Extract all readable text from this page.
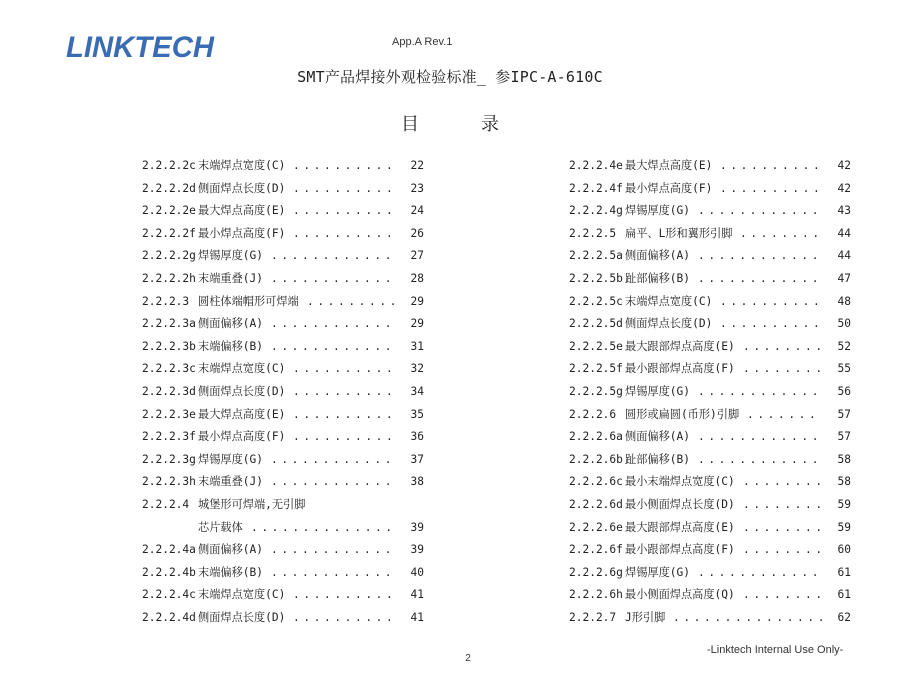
LINKTECH	App.A Rev.1
SMT产品焊接外观检验标准_ 参IPC-A-610C
目录
2.2.2.2c 末端焊点宽度(C)	22
..........
2.2.2.2d 侧面焊点长度(D)	23
..........
2.2.2.2e 最大焊点高度(E)	24
..........
2.2.2.2f 最小焊点高度(F)	26
..........
2.2.2.2g 焊锡厚度(G)	27
............
2.2.2.2h 末端重叠(J)	28
............
2.2.2.3 圆柱体端帽形可焊端	29
.........
2.2.2.3a 侧面偏移(A)	29
............
2.2.2.3b 末端偏移(B)	31
............
2.2.2.3c 末端焊点宽度(C)	32
..........
2.2.2.3d 侧面焊点长度(D)	34
..........
2.2.2.3e 最大焊点高度(E)	35
..........
2.2.2.3f 最小焊点高度(F)	36
..........
2.2.2.3g 焊锡厚度(G)	37
............
2.2.2.3h 末端重叠(J)	38
............
2.2.2.4 城堡形可焊端,无引脚
芯片载体	39
..............
2.2.2.4a 侧面偏移(A)	39
............
2.2.2.4b 末端偏移(B)	40
............
2.2.2.4c 末端焊点宽度(C)	41
..........
2.2.2.4d 侧面焊点长度(D)	41
..........
2.2.2.4e 最大焊点高度(E)	42
..........
2.2.2.4f 最小焊点高度(F)	42
..........
2.2.2.4g 焊锡厚度(G)	43
............
2.2.2.5 扁平、L形和翼形引脚	44
........
2.2.2.5a 侧面偏移(A)	44
............
2.2.2.5b 趾部偏移(B)	47
............
2.2.2.5c 末端焊点宽度(C)	48
..........
2.2.2.5d 侧面焊点长度(D)	50
..........
2.2.2.5e 最大跟部焊点高度(E)	52
........
2.2.2.5f 最小跟部焊点高度(F)	55
........
2.2.2.5g 焊锡厚度(G)	56
............
2.2.2.6 圆形或扁圆(币形)引脚	57
.......
2.2.2.6a 侧面偏移(A)	57
............
2.2.2.6b 趾部偏移(B)	58
............
2.2.2.6c 最小末端焊点宽度(C)	58
........
2.2.2.6d 最小侧面焊点长度(D)	59
........
2.2.2.6e 最大跟部焊点高度(E)	59
........
2.2.2.6f 最小跟部焊点高度(F)	60
........
2.2.2.6g 焊锡厚度(G)	61
............
2.2.2.6h 最小侧面焊点高度(Q)	61
........
2.2.2.7 J形引脚	62
...............
-Linktech Internal Use Only-
2
